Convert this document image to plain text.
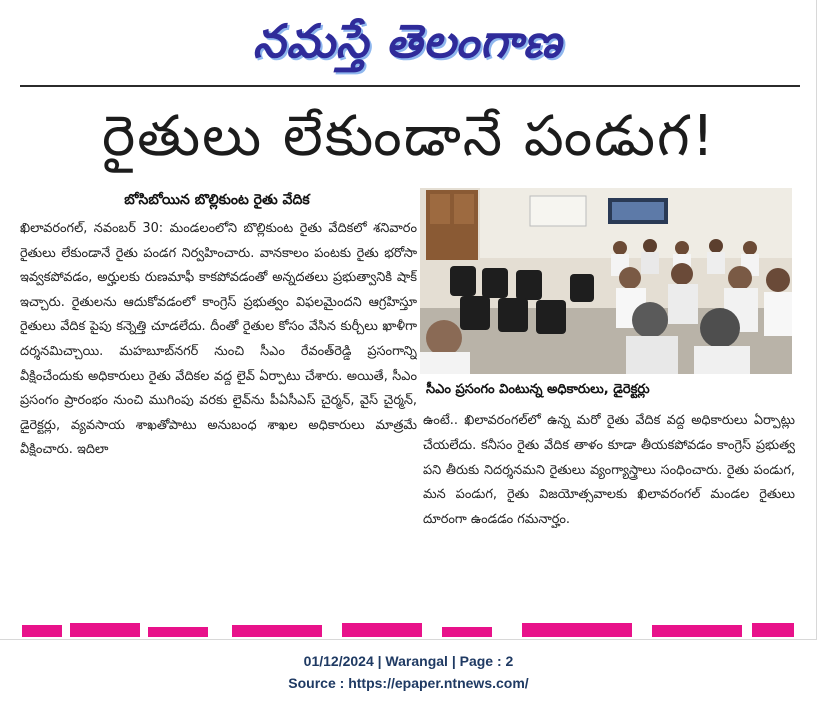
నమస్తే తెలంగాణ
రైతులు లేకుండానే పండుగ!
బోసిబోయిన బొల్లికుంట రైతు వేదిక
ఖిలావరంగల్, నవంబర్ 30: మండలంలోని బొల్లికుంట రైతు వేదికలో శనివారం రైతులు లేకుండానే రైతు పండగ నిర్వహించారు. వానకాలం పంటకు రైతు భరోసా ఇవ్వకపోవడం, అర్హులకు రుణమాఫీ కాకపోవడంతో అన్నదతలు ప్రభుత్వానికి షాక్ ఇచ్చారు. రైతులను ఆదుకోవడంలో కాంగ్రెస్ ప్రభుత్వం విఫలమైందని ఆగ్రహిస్తూ రైతులు వేదిక పైపు కన్నెత్తి చూడలేదు. దీంతో రైతుల కోసం వేసిన కుర్చీలు ఖాళీగా దర్శనమిచ్చాయి. మహబూబ్‌నగర్ నుంచి సీఎం రేవంత్‌రెడ్డి ప్రసంగాన్ని వీక్షించేందుకు అధికారులు రైతు వేదికల వద్ద లైవ్ ఏర్పాటు చేశారు. అయితే, సీఎం ప్రసంగం ప్రారంభం నుంచి ముగింపు వరకు లైవ్‌ను పీఏసీఎస్ చైర్మన్, వైస్ చైర్మన్, డైరెక్టర్లు, వ్యవసాయ శాఖతోపాటు అనుబంధ శాఖల అధికారులు మాత్రమే వీక్షించారు. ఇదిలా
సీఎం ప్రసంగం వింటున్న అధికారులు, డైరెక్టర్లు
ఉంటే.. ఖిలావరంగల్‌లో ఉన్న మరో రైతు వేదిక వద్ద అధికారులు ఏర్పాట్లు చేయలేదు. కనీసం రైతు వేదిక తాళం కూడా తీయకపోవడం కాంగ్రెస్ ప్రభుత్వ పని తీరుకు నిదర్శనమని రైతులు వ్యంగ్యాస్త్రాలు సంధించారు. రైతు పండుగ, మన పండుగ, రైతు విజయోత్సవాలకు ఖిలావరంగల్ మండల రైతులు దూరంగా ఉండడం గమనార్హం.
01/12/2024 | Warangal | Page : 2
Source : https://epaper.ntnews.com/
